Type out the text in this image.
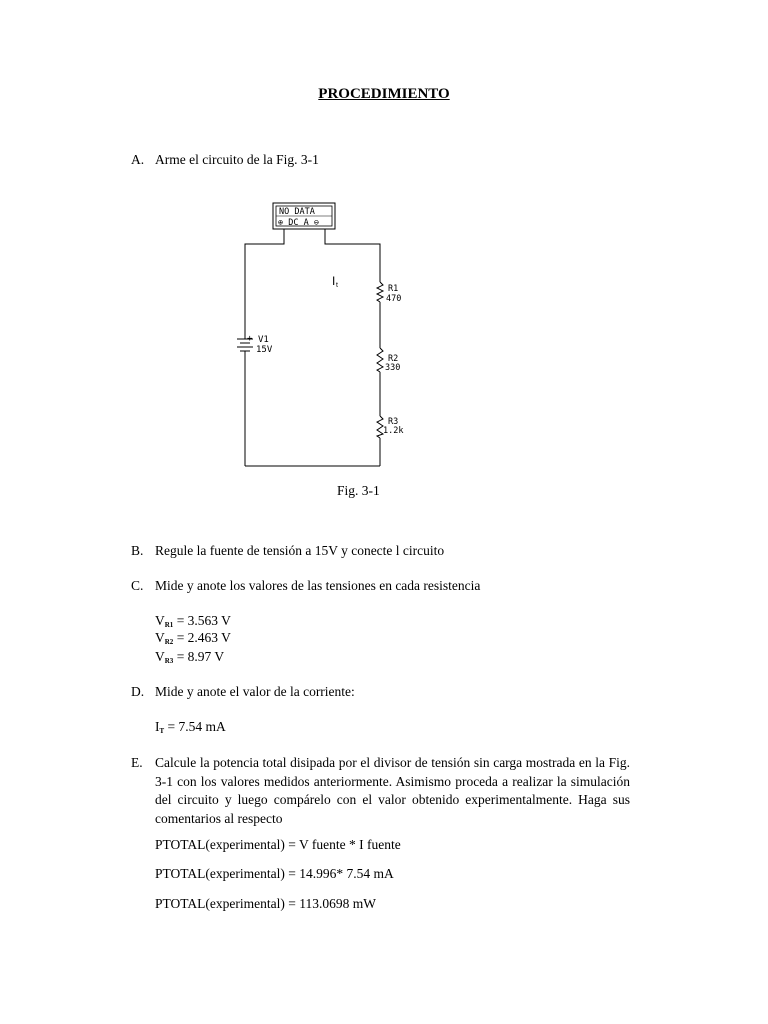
PROCEDIMIENTO
A. Arme el circuito de la Fig. 3-1
NO DATA
⊕ DC A ⊖
+ V1
15V
R1
470
R2
330
R3
1.2k
I t
Fig. 3-1
B. Regule la fuente de tensión a 15V y conecte l circuito
C. Mide y anote los valores de las tensiones en cada resistencia
$V_{R1} = 3.563$ V
$V_{R2} = 2.463$ V
$V_{R3} = 8.97$ V
D. Mide y anote el valor de la corriente:
$I_T = 7.54$ mA
E. Calcule la potencia total disipada por el divisor de tensión sin carga mostrada en la Fig. 3-1 con los valores medidos anteriormente. Asimismo proceda a realizar la simulación del circuito y luego compárelo con el valor obtenido experimentalmente. Haga sus comentarios al respecto
PTOTAL(experimental) = V fuente * I fuente
PTOTAL(experimental) = 14.996* 7.54 mA
PTOTAL(experimental) = 113.0698 mW
